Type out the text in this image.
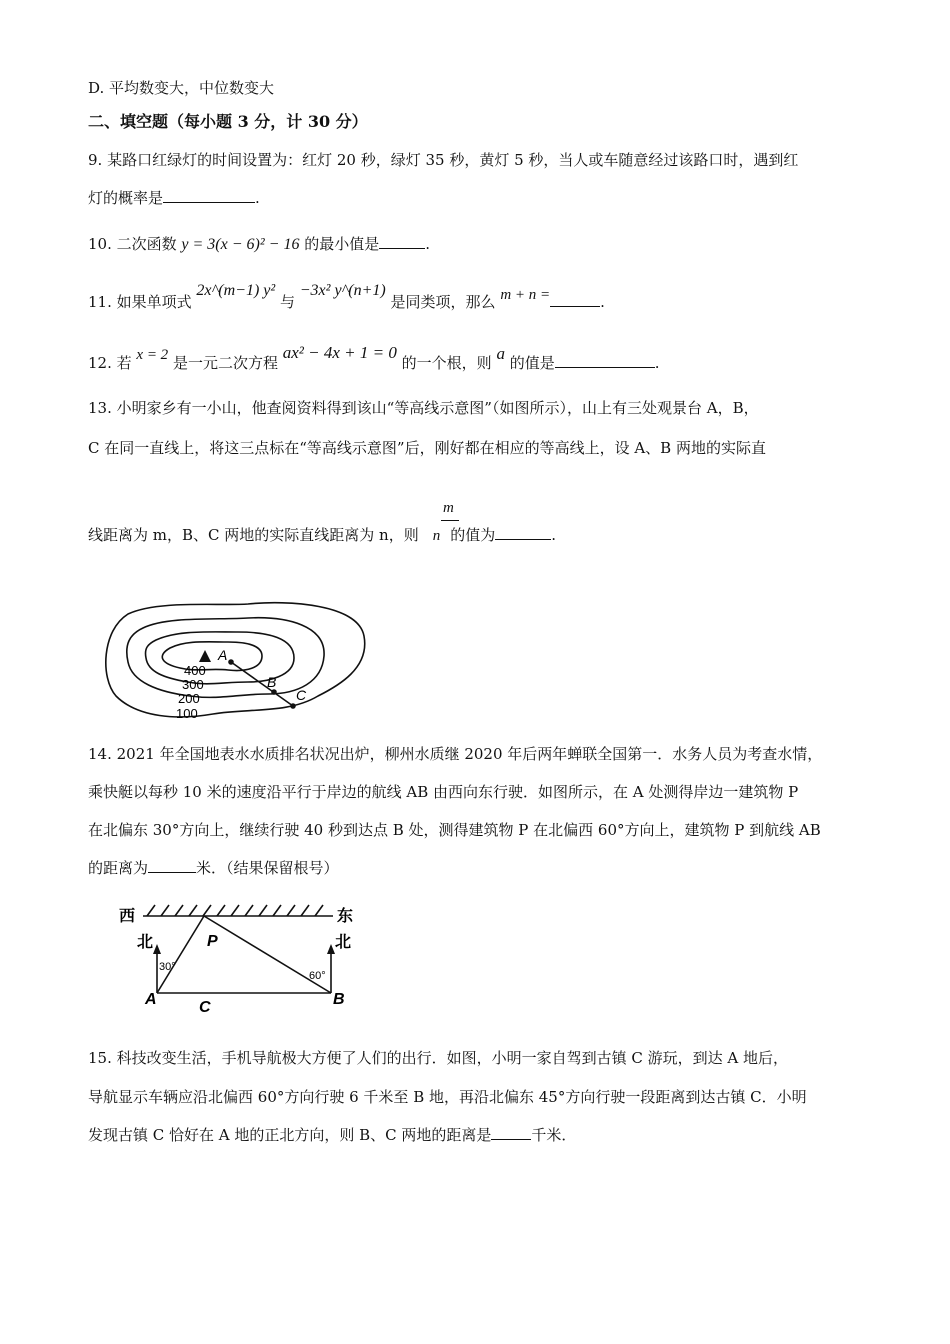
D. 平均数变大，中位数变大
二、填空题（每小题 3 分，计 30 分）
9. 某路口红绿灯的时间设置为：红灯 20 秒，绿灯 35 秒，黄灯 5 秒，当人或车随意经过该路口时，遇到红
灯的概率是	.
10. 二次函数 y = 3(x − 6)² − 16 的最小值是	.
11. 如果单项式 2x^(m−1) y² 与 −3x² y^(n+1) 是同类项，那么 m + n =	.
12. 若 x = 2 是一元二次方程 ax² − 4x + 1 = 0 的一个根，则 a 的值是	.
13. 小明家乡有一小山，他查阅资料得到该山“等高线示意图”（如图所示），山上有三处观景台 A，B，
C 在同一直线上，将这三点标在“等高线示意图”后，刚好都在相应的等高线上，设 A、B 两地的实际直
m
线距离为 m，B、C 两地的实际直线距离为 n，则 n 的值为	.
A
B
C
400
300
200
100
14. 2021 年全国地表水水质排名状况出炉，柳州水质继 2020 年后两年蝉联全国第一．水务人员为考查水情，
乘快艇以每秒 10 米的速度沿平行于岸边的航线 AB 由西向东行驶．如图所示，在 A 处测得岸边一建筑物 P
在北偏东 30°方向上，继续行驶 40 秒到达点 B 处，测得建筑物 P 在北偏西 60°方向上，建筑物 P 到航线 AB
的距离为	米．（结果保留根号）
西	东
北	北
30°
60°
P
A	B
C
15. 科技改变生活，手机导航极大方便了人们的出行．如图，小明一家自驾到古镇 C 游玩，到达 A 地后，
导航显示车辆应沿北偏西 60°方向行驶 6 千米至 B 地，再沿北偏东 45°方向行驶一段距离到达古镇 C．小明
发现古镇 C 恰好在 A 地的正北方向，则 B、C 两地的距离是	千米．
